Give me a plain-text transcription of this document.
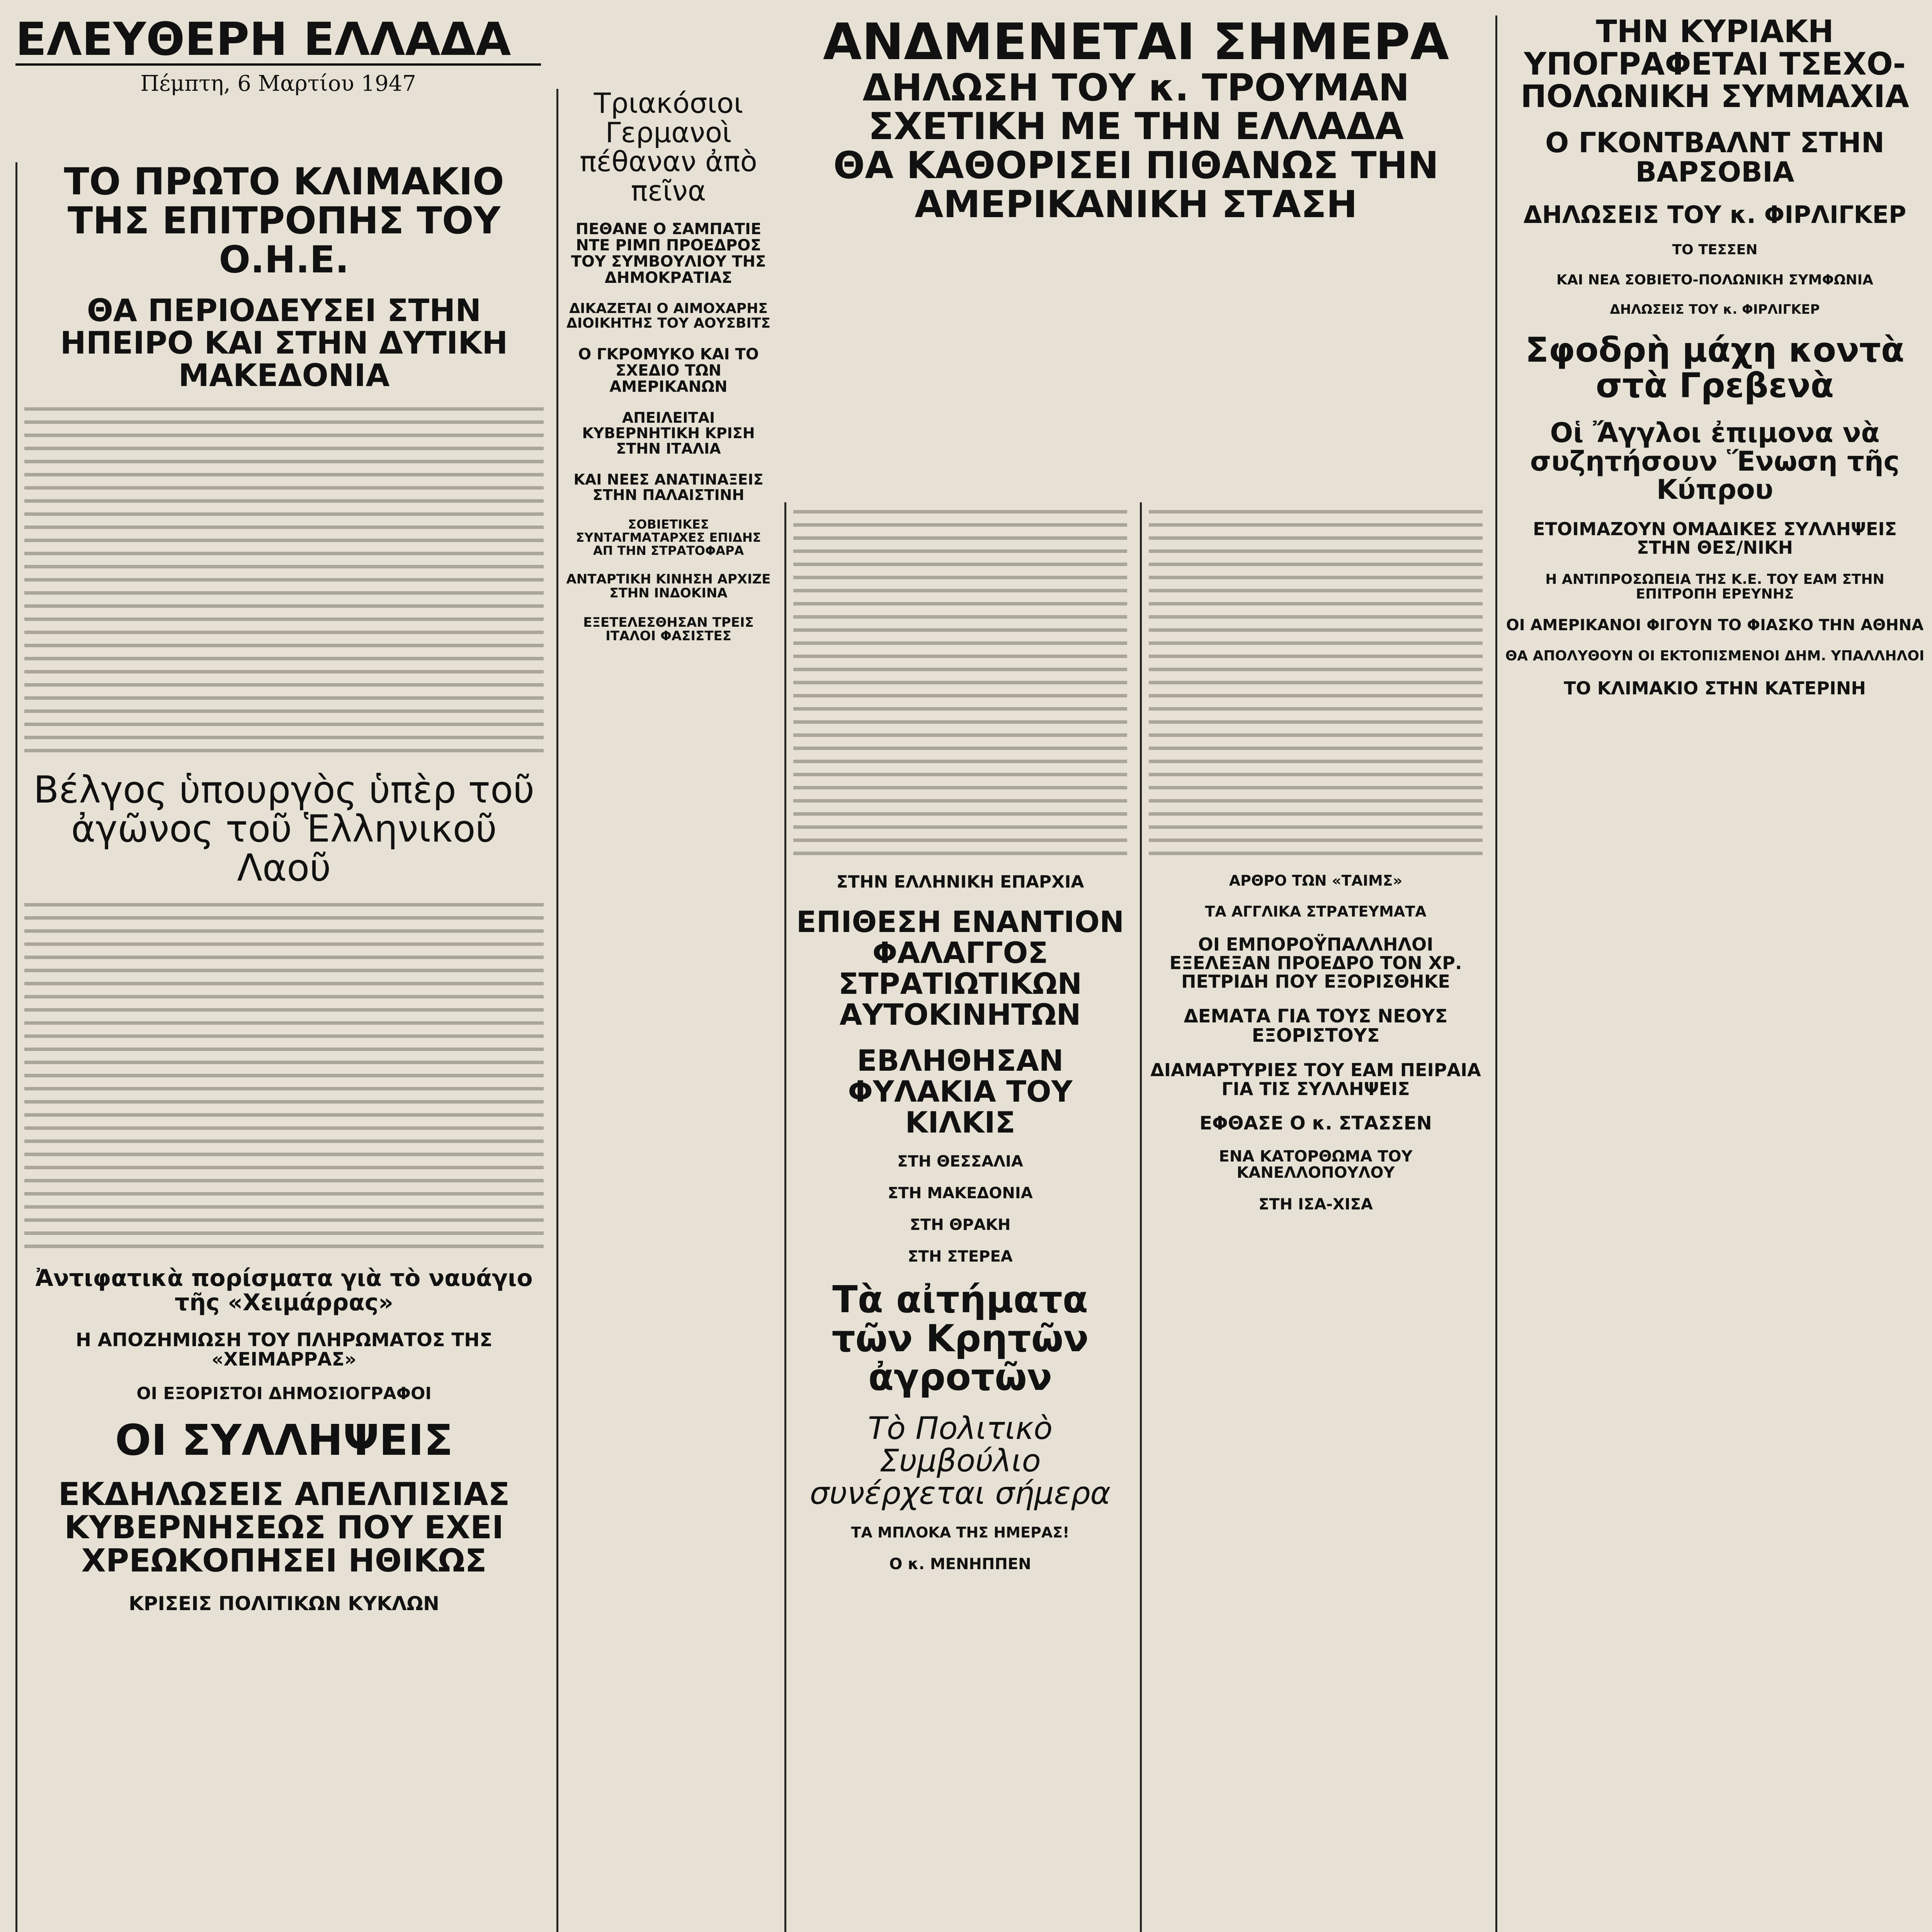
ΕΛΕΥΘΕΡΗ ΕΛΛΑΔΑ
Πέμπτη, 6 Μαρτίου 1947
ΤΟ ΠΡΩΤΟ ΚΛΙΜΑΚΙΟ ΤΗΣ ΕΠΙΤΡΟΠΗΣ ΤΟΥ Ο.Η.Ε.
ΘΑ ΠΕΡΙΟΔΕΥΣΕΙ ΣΤΗΝ ΗΠΕΙΡΟ ΚΑΙ ΣΤΗΝ ΔΥΤΙΚΗ ΜΑΚΕΔΟΝΙΑ
Βέλγος ὑπουργὸς ὑπὲρ τοῦ ἀγῶνος τοῦ Ἑλληνικοῦ Λαοῦ
Ἀντιφατικὰ πορίσματα γιὰ τὸ ναυάγιο τῆς «Χειμάρρας»
Η ΑΠΟΖΗΜΙΩΣΗ ΤΟΥ ΠΛΗΡΩΜΑΤΟΣ ΤΗΣ «ΧΕΙΜΑΡΡΑΣ»
ΟΙ ΕΞΟΡΙΣΤΟΙ ΔΗΜΟΣΙΟΓΡΑΦΟΙ
ΟΙ ΣΥΛΛΗΨΕΙΣ
ΕΚΔΗΛΩΣΕΙΣ ΑΠΕΛΠΙΣΙΑΣ ΚΥΒΕΡΝΗΣΕΩΣ ΠΟΥ ΕΧΕΙ ΧΡΕΩΚΟΠΗΣΕΙ ΗΘΙΚΩΣ
ΚΡΙΣΕΙΣ ΠΟΛΙΤΙΚΩΝ ΚΥΚΛΩΝ
Τριακόσιοι Γερμανοὶ πέθαναν ἀπὸ πεῖνα
ΠΕΘΑΝΕ Ο ΣΑΜΠΑΤΙΕ ΝΤΕ ΡΙΜΠ ΠΡΟΕΔΡΟΣ ΤΟΥ ΣΥΜΒΟΥΛΙΟΥ ΤΗΣ ΔΗΜΟΚΡΑΤΙΑΣ
ΔΙΚΑΖΕΤΑΙ Ο ΑΙΜΟΧΑΡΗΣ ΔΙΟΙΚΗΤΗΣ ΤΟΥ ΑΟΥΣΒΙΤΣ
Ο ΓΚΡΟΜΥΚΟ ΚΑΙ ΤΟ ΣΧΕΔΙΟ ΤΩΝ ΑΜΕΡΙΚΑΝΩΝ
ΑΠΕΙΛΕΙΤΑΙ ΚΥΒΕΡΝΗΤΙΚΗ ΚΡΙΣΗ ΣΤΗΝ ΙΤΑΛΙΑ
ΚΑΙ ΝΕΕΣ ΑΝΑΤΙΝΑΞΕΙΣ ΣΤΗΝ ΠΑΛΑΙΣΤΙΝΗ
ΣΟΒΙΕΤΙΚΕΣ ΣΥΝΤΑΓΜΑΤΑΡΧΕΣ ΕΠΙΔΗΣ ΑΠ ΤΗΝ ΣΤΡΑΤΟΦΑΡΑ
ΑΝΤΑΡΤΙΚΗ ΚΙΝΗΣΗ ΑΡΧΙΖΕ ΣΤΗΝ ΙΝΔΟΚΙΝΑ
ΕΞΕΤΕΛΕΣΘΗΣΑΝ ΤΡΕΙΣ ΙΤΑΛΟΙ ΦΑΣΙΣΤΕΣ
ΑΝΔΜΕΝΕΤΑΙ ΣΗΜΕΡΑ
ΔΗΛΩΣΗ ΤΟΥ κ. ΤΡΟΥΜΑΝ ΣΧΕΤΙΚΗ ΜΕ ΤΗΝ ΕΛΛΑΔΑ
ΘΑ ΚΑΘΟΡΙΣΕΙ ΠΙΘΑΝΩΣ ΤΗΝ ΑΜΕΡΙΚΑΝΙΚΗ ΣΤΑΣΗ
ΣΤΗΝ ΕΛΛΗΝΙΚΗ ΕΠΑΡΧΙΑ
ΕΠΙΘΕΣΗ ΕΝΑΝΤΙΟΝ ΦΑΛΑΓΓΟΣ ΣΤΡΑΤΙΩΤΙΚΩΝ ΑΥΤΟΚΙΝΗΤΩΝ
ΕΒΛΗΘΗΣΑΝ ΦΥΛΑΚΙΑ ΤΟΥ ΚΙΛΚΙΣ
ΣΤΗ ΘΕΣΣΑΛΙΑ
ΣΤΗ ΜΑΚΕΔΟΝΙΑ
ΣΤΗ ΘΡΑΚΗ
ΣΤΗ ΣΤΕΡΕΑ
Τὰ αἰτήματα τῶν Κρητῶν ἀγροτῶν
Τὸ Πολιτικὸ Συμβούλιο συνέρχεται σήμερα
ΤΑ ΜΠΛΟΚΑ ΤΗΣ ΗΜΕΡΑΣ!
Ο κ. ΜΕΝΗΠΠΕΝ
ΑΡΘΡΟ ΤΩΝ «ΤΑΙΜΣ»
ΤΑ ΑΓΓΛΙΚΑ ΣΤΡΑΤΕΥΜΑΤΑ
ΟΙ ΕΜΠΟΡΟΫΠΑΛΛΗΛΟΙ ΕΞΕΛΕΞΑΝ ΠΡΟΕΔΡΟ ΤΟΝ ΧΡ. ΠΕΤΡΙΔΗ ΠΟΥ ΕΞΟΡΙΣΘΗΚΕ
ΔΕΜΑΤΑ ΓΙΑ ΤΟΥΣ ΝΕΟΥΣ ΕΞΟΡΙΣΤΟΥΣ
ΔΙΑΜΑΡΤΥΡΙΕΣ ΤΟΥ ΕΑΜ ΠΕΙΡΑΙΑ ΓΙΑ ΤΙΣ ΣΥΛΛΗΨΕΙΣ
ΕΦΘΑΣΕ Ο κ. ΣΤΑΣΣΕΝ
ΕΝΑ ΚΑΤΟΡΘΩΜΑ ΤΟΥ ΚΑΝΕΛΛΟΠΟΥΛΟΥ
ΣΤΗ ΙΣΑ-ΧΙΣΑ
ΤΗΝ ΚΥΡΙΑΚΗ ΥΠΟΓΡΑΦΕΤΑΙ ΤΣΕΧΟ-ΠΟΛΩΝΙΚΗ ΣΥΜΜΑΧΙΑ
Ο ΓΚΟΝΤΒΑΛΝΤ ΣΤΗΝ ΒΑΡΣΟΒΙΑ
ΔΗΛΩΣΕΙΣ ΤΟΥ κ. ΦΙΡΛΙΓΚΕΡ
ΤΟ ΤΕΣΣΕΝ
ΚΑΙ ΝΕΑ ΣΟΒΙΕΤΟ-ΠΟΛΩΝΙΚΗ ΣΥΜΦΩΝΙΑ
ΔΗΛΩΣΕΙΣ ΤΟΥ κ. ΦΙΡΛΙΓΚΕΡ
Σφοδρὴ μάχη κοντὰ στὰ Γρεβενὰ
Οἱ Ἄγγλοι ἐπιμονα νὰ συζητήσουν Ἕνωση τῆς Κύπρου
ΕΤΟΙΜΑΖΟΥΝ ΟΜΑΔΙΚΕΣ ΣΥΛΛΗΨΕΙΣ ΣΤΗΝ ΘΕΣ/ΝΙΚΗ
Η ΑΝΤΙΠΡΟΣΩΠΕΙΑ ΤΗΣ Κ.Ε. ΤΟΥ ΕΑΜ ΣΤΗΝ ΕΠΙΤΡΟΠΗ ΕΡΕΥΝΗΣ
ΟΙ ΑΜΕΡΙΚΑΝΟΙ ΦΙΓΟΥΝ ΤΟ ΦΙΑΣΚΟ ΤΗΝ ΑΘΗΝΑ
ΘΑ ΑΠΟΛΥΘΟΥΝ ΟΙ ΕΚΤΟΠΙΣΜΕΝΟΙ ΔΗΜ. ΥΠΑΛΛΗΛΟΙ
ΤΟ ΚΛΙΜΑΚΙΟ ΣΤΗΝ ΚΑΤΕΡΙΝΗ
